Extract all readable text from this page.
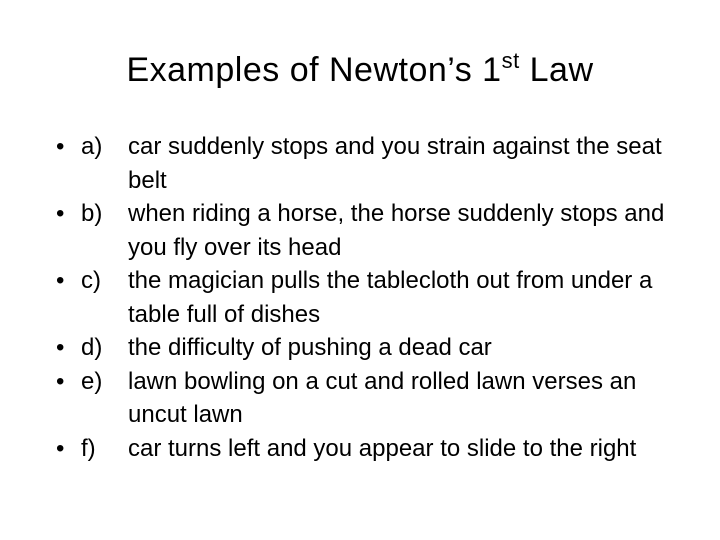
Examples of Newton’s 1st Law
• a) car suddenly stops and you strain against the seat belt
• b) when riding a horse, the horse suddenly stops and you fly over its head
• c) the magician pulls the tablecloth out from under a table full of dishes
• d) the difficulty of pushing a dead car
• e) lawn bowling on a cut and rolled lawn verses an uncut lawn
• f) car turns left and you appear to slide to the right
